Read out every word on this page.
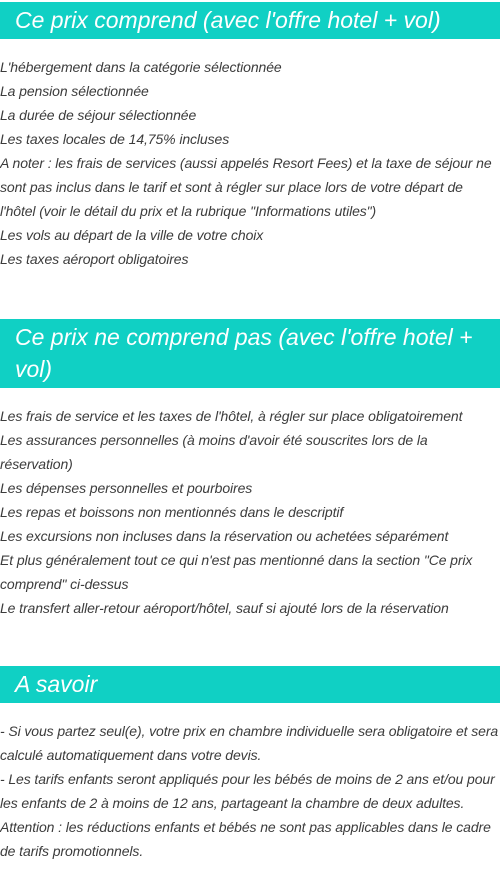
Ce prix comprend (avec l'offre hotel + vol)

L'hébergement dans la catégorie sélectionnée

La pension sélectionnée

La durée de séjour sélectionnée

Les taxes locales de 14,75% incluses

A noter : les frais de services (aussi appelés Resort Fees) et la taxe de séjour ne sont pas inclus dans le tarif et sont à régler sur place lors de votre départ de l'hôtel (voir le détail du prix et la rubrique "Informations utiles")

Les vols au départ de la ville de votre choix

Les taxes aéroport obligatoires

Ce prix ne comprend pas (avec l'offre hotel + vol)

Les frais de service et les taxes de l'hôtel, à régler sur place obligatoirement

Les assurances personnelles (à moins d'avoir été souscrites lors de la réservation)

Les dépenses personnelles et pourboires

Les repas et boissons non mentionnés dans le descriptif

Les excursions non incluses dans la réservation ou achetées séparément

Et plus généralement tout ce qui n'est pas mentionné dans la section "Ce prix comprend" ci-dessus

Le transfert aller-retour aéroport/hôtel, sauf si ajouté lors de la réservation

A savoir

- Si vous partez seul(e), votre prix en chambre individuelle sera obligatoire et sera calculé automatiquement dans votre devis.

- Les tarifs enfants seront appliqués pour les bébés de moins de 2 ans et/ou pour les enfants de 2 à moins de 12 ans, partageant la chambre de deux adultes.

Attention : les réductions enfants et bébés ne sont pas applicables dans le cadre de tarifs promotionnels.
